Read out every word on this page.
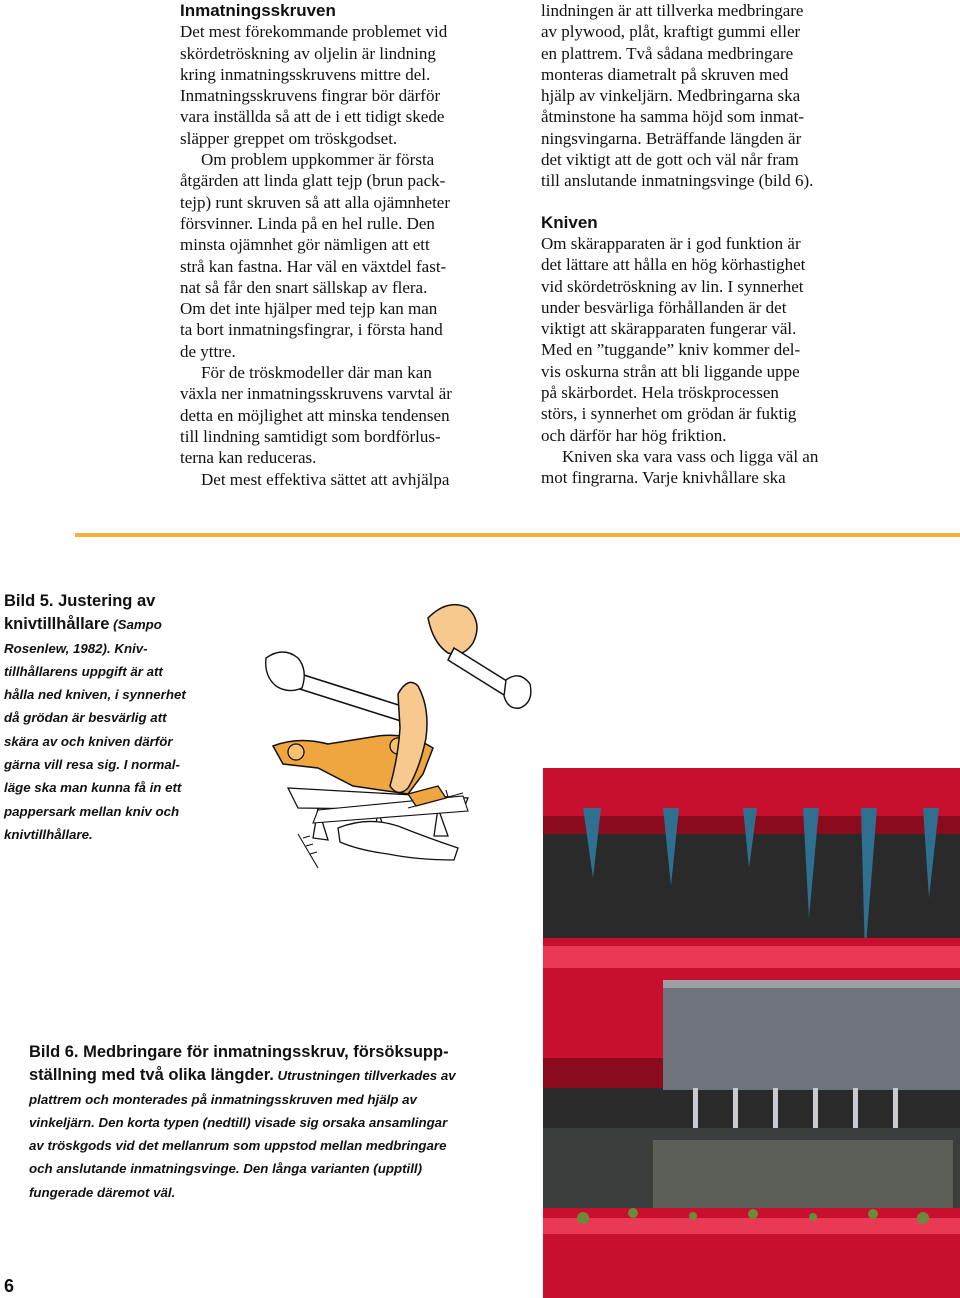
Inmatningsskruven
Det mest förekommande problemet vid
skördetröskning av oljelin är lindning
kring inmatningsskruvens mittre del.
Inmatningsskruvens fingrar bör därför
vara inställda så att de i ett tidigt skede
släpper greppet om tröskgodset.
Om problem uppkommer är första
åtgärden att linda glatt tejp (brun pack-
tejp) runt skruven så att alla ojämnheter
försvinner. Linda på en hel rulle. Den
minsta ojämnhet gör nämligen att ett
strå kan fastna. Har väl en växtdel fast-
nat så får den snart sällskap av flera.
Om det inte hjälper med tejp kan man
ta bort inmatningsfingrar, i första hand
de yttre.
För de tröskmodeller där man kan
växla ner inmatningsskruvens varvtal är
detta en möjlighet att minska tendensen
till lindning samtidigt som bordförlus-
terna kan reduceras.
Det mest effektiva sättet att avhjälpa
lindningen är att tillverka medbringare
av plywood, plåt, kraftigt gummi eller
en plattrem. Två sådana medbringare
monteras diametralt på skruven med
hjälp av vinkeljärn. Medbringarna ska
åtminstone ha samma höjd som inmat-
ningsvingarna. Beträffande längden är
det viktigt att de gott och väl når fram
till anslutande inmatningsvinge (bild 6).
Kniven
Om skärapparaten är i god funktion är
det lättare att hålla en hög körhastighet
vid skördetröskning av lin. I synnerhet
under besvärliga förhållanden är det
viktigt att skärapparaten fungerar väl.
Med en ”tuggande” kniv kommer del-
vis oskurna strån att bli liggande uppe
på skärbordet. Hela tröskprocessen
störs, i synnerhet om grödan är fuktig
och därför har hög friktion.
Kniven ska vara vass och ligga väl an
mot fingrarna. Varje knivhållare ska
Bild 5. Justering av
knivtillhållare (Sampo
Rosenlew, 1982). Kniv-
tillhållarens uppgift är att
hålla ned kniven, i synnerhet
då grödan är besvärlig att
skära av och kniven därför
gärna vill resa sig. I normal-
läge ska man kunna få in ett
pappersark mellan kniv och
knivtillhållare.
Bild 6. Medbringare för inmatningsskruv, försöksupp-
ställning med två olika längder. Utrustningen tillverkades av
plattrem och monterades på inmatningsskruven med hjälp av
vinkeljärn. Den korta typen (nedtill) visade sig orsaka ansamlingar
av tröskgods vid det mellanrum som uppstod mellan medbringare
och anslutande inmatningsvinge. Den långa varianten (upptill)
fungerade däremot väl.
6
